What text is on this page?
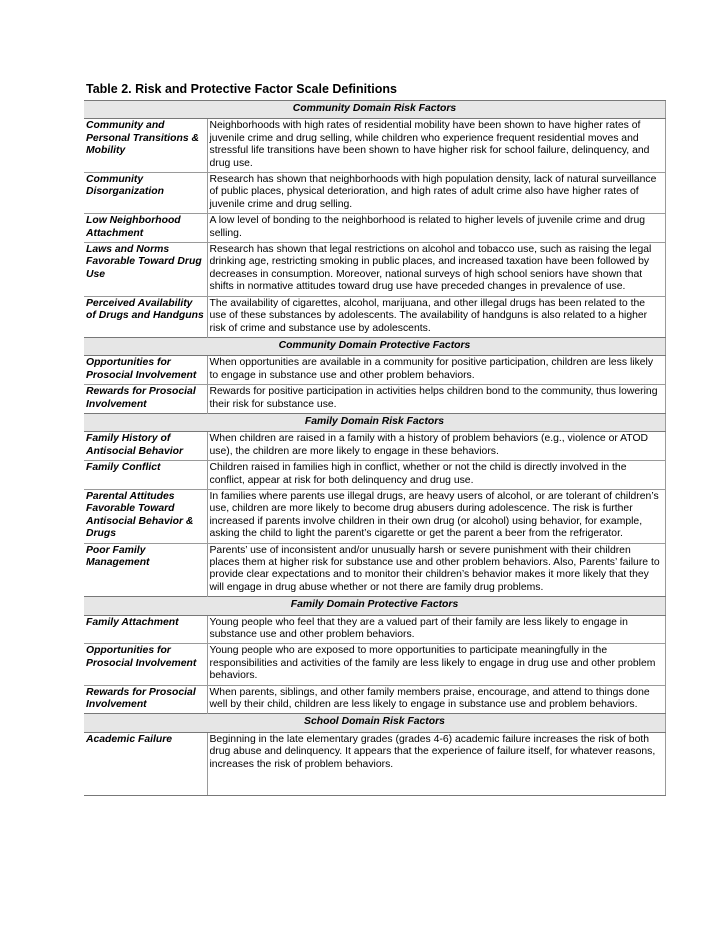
Table 2. Risk and Protective Factor Scale Definitions
Community Domain Risk Factors	
Community and Personal Transitions & Mobility	Neighborhoods with high rates of residential mobility have been shown to have higher rates of juvenile crime and drug selling, while children who experience frequent residential moves and stressful life transitions have been shown to have higher risk for school failure, delinquency, and drug use.
Community Disorganization	Research has shown that neighborhoods with high population density, lack of natural surveillance of public places, physical deterioration, and high rates of adult crime also have higher rates of juvenile crime and drug selling.
Low Neighborhood Attachment	A low level of bonding to the neighborhood is related to higher levels of juvenile crime and drug selling.
Laws and Norms Favorable Toward Drug Use	Research has shown that legal restrictions on alcohol and tobacco use, such as raising the legal drinking age, restricting smoking in public places, and increased taxation have been followed by decreases in consumption. Moreover, national surveys of high school seniors have shown that shifts in normative attitudes toward drug use have preceded changes in prevalence of use.
Perceived Availability of Drugs and Handguns	The availability of cigarettes, alcohol, marijuana, and other illegal drugs has been related to the use of these substances by adolescents. The availability of handguns is also related to a higher risk of crime and substance use by adolescents.
Community Domain Protective Factors	
Opportunities for Prosocial Involvement	When opportunities are available in a community for positive participation, children are less likely to engage in substance use and other problem behaviors.
Rewards for Prosocial Involvement	Rewards for positive participation in activities helps children bond to the community, thus lowering their risk for substance use.
Family Domain Risk Factors	
Family History of Antisocial Behavior	When children are raised in a family with a history of problem behaviors (e.g., violence or ATOD use), the children are more likely to engage in these behaviors.
Family Conflict	Children raised in families high in conflict, whether or not the child is directly involved in the conflict, appear at risk for both delinquency and drug use.
Parental Attitudes Favorable Toward Antisocial Behavior & Drugs	In families where parents use illegal drugs, are heavy users of alcohol, or are tolerant of children’s use, children are more likely to become drug abusers during adolescence. The risk is further increased if parents involve children in their own drug (or alcohol) using behavior, for example, asking the child to light the parent’s cigarette or get the parent a beer from the refrigerator.
Poor Family Management	Parents’ use of inconsistent and/or unusually harsh or severe punishment with their children places them at higher risk for substance use and other problem behaviors. Also, Parents’ failure to provide clear expectations and to monitor their children’s behavior makes it more likely that they will engage in drug abuse whether or not there are family drug problems.
Family Domain Protective Factors	
Family Attachment	Young people who feel that they are a valued part of their family are less likely to engage in substance use and other problem behaviors.
Opportunities for Prosocial Involvement	Young people who are exposed to more opportunities to participate meaningfully in the responsibilities and activities of the family are less likely to engage in drug use and other problem behaviors.
Rewards for Prosocial Involvement	When parents, siblings, and other family members praise, encourage, and attend to things done well by their child, children are less likely to engage in substance use and problem behaviors.
School Domain Risk Factors	
Academic Failure	Beginning in the late elementary grades (grades 4-6) academic failure increases the risk of both drug abuse and delinquency. It appears that the experience of failure itself, for whatever reasons, increases the risk of problem behaviors.
